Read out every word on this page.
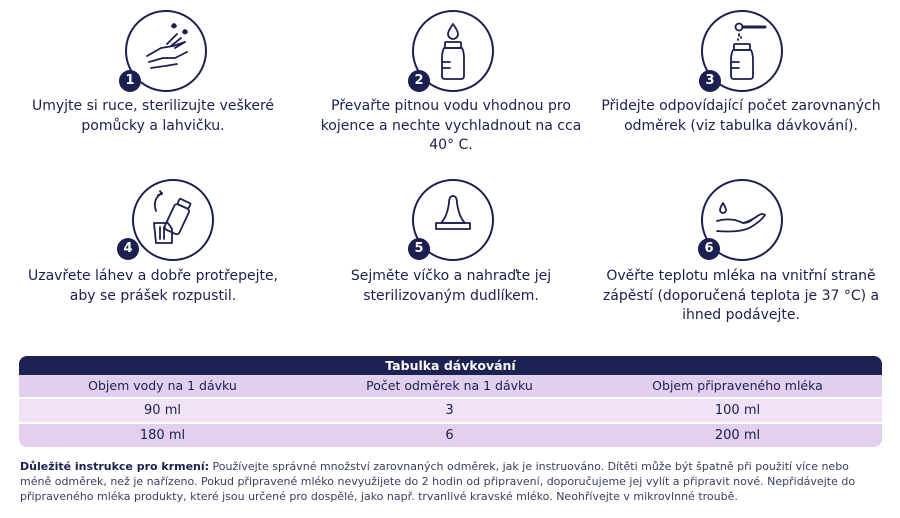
1
Umyjte si ruce, sterilizujte veškeré pomůcky a lahvičku.
2
Převařte pitnou vodu vhodnou pro kojence a nechte vychladnout na cca 40° C.
3
Přidejte odpovídající počet zarovnaných odměrek (viz tabulka dávkování).
4
Uzavřete láhev a dobře protřepejte, aby se prášek rozpustil.
5
Sejměte víčko a nahraďte jej sterilizovaným dudlíkem.
6
Ověřte teplotu mléka na vnitřní straně zápěstí (doporučená teplota je 37 °C) a ihned podávejte.
Tabulka dávkování
Objem vody na 1 dávku	Počet odměrek na 1 dávku	Objem připraveného mléka
90 ml	3	100 ml
180 ml	6	200 ml
Důležité instrukce pro krmení: Používejte správné množství zarovnaných odměrek, jak je instruováno. Dítěti může být špatně při použití více nebo méně odměrek, než je nařízeno. Pokud připravené mléko nevyužijete do 2 hodin od připravení, doporučujeme jej vylít a připravit nové. Nepřidávejte do připraveného mléka produkty, které jsou určené pro dospělé, jako např. trvanlivé kravské mléko. Neohřívejte v mikrovlnné troubě.
